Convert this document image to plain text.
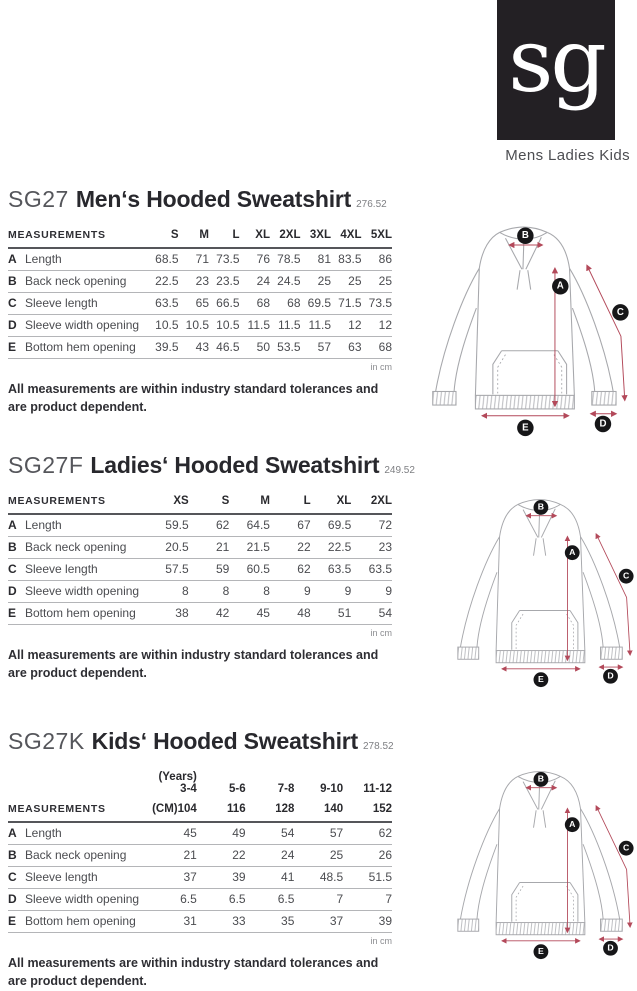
sg
Mens Ladies Kids
SG27 Men‘s Hooded Sweatshirt 276.52
MEASUREMENTS		S	M	L	XL	2XL	3XL	4XL	5XL
A	Length	68.5	71	73.5	76	78.5	81	83.5	86
B	Back neck opening	22.5	23	23.5	24	24.5	25	25	25
C	Sleeve length	63.5	65	66.5	68	68	69.5	71.5	73.5
D	Sleeve width opening	10.5	10.5	10.5	11.5	11.5	11.5	12	12
E	Bottom hem opening	39.5	43	46.5	50	53.5	57	63	68
in cm
All measurements are within industry standard tolerances and
are product dependent.
B
A
C
D
E
SG27F Ladies‘ Hooded Sweatshirt 249.52
MEASUREMENTS		XS	S	M	L	XL	2XL
A	Length	59.5	62	64.5	67	69.5	72
B	Back neck opening	20.5	21	21.5	22	22.5	23
C	Sleeve length	57.5	59	60.5	62	63.5	63.5
D	Sleeve width opening	8	8	8	9	9	9
E	Bottom hem opening	38	42	45	48	51	54
in cm
All measurements are within industry standard tolerances and
are product dependent.
B
A
C
D
E
SG27K Kids‘ Hooded Sweatshirt 278.52
		(Years) 3-4	5-6	7-8	9-10	11-12
MEASUREMENTS		(CM)104	116	128	140	152
A	Length	45	49	54	57	62
B	Back neck opening	21	22	24	25	26
C	Sleeve length	37	39	41	48.5	51.5
D	Sleeve width opening	6.5	6.5	6.5	7	7
E	Bottom hem opening	31	33	35	37	39
in cm
All measurements are within industry standard tolerances and
are product dependent.
B
A
C
D
E
